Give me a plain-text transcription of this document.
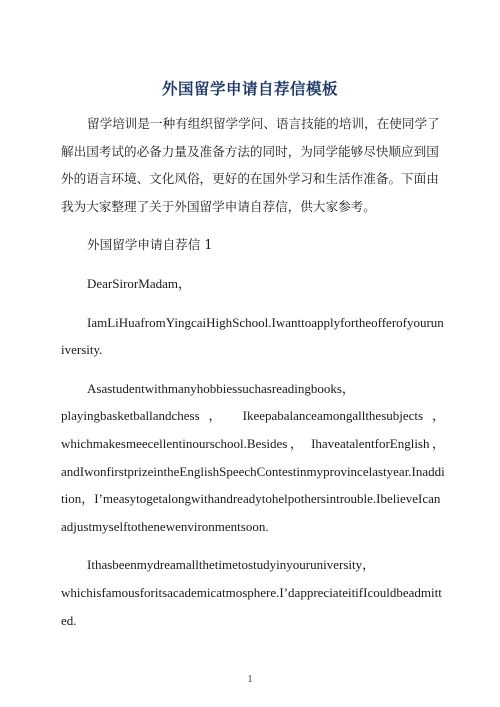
外国留学申请自荐信模板

留学培训是一种有组织留学学问、语言技能的培训，在使同学了解出国考试的必备力量及准备方法的同时，为同学能够尽快顺应到国外的语言环境、文化风俗，更好的在国外学习和生活作准备。下面由我为大家整理了关于外国留学申请自荐信，供大家参考。

外国留学申请自荐信 1

DearSirorMadam，

IamLiHuafromYingcaiHighSchool.Iwanttoapplyfortheofferofyouruniversity.

Asastudentwithmanyhobbiessuchasreadingbooks，

playingbasketballandchess， Ikeepabalanceamongallthesubjects，

whichmakesmeecellentinourschool.Besides， IhaveatalentforEnglish，

andIwonfirstprizeintheEnglishSpeechContestinmyprovincelastyear.Inaddition，I’measytogetalongwithandreadytohelpothersintrouble.IbelieveIcanadjustmyselftothenewenvironmentsoon.

Ithasbeenmydreamallthetimetostudyinyouruniversity，

whichisfamousforitsacademicatmosphere.I’dappreciateitifIcouldbeadmitted.

1
